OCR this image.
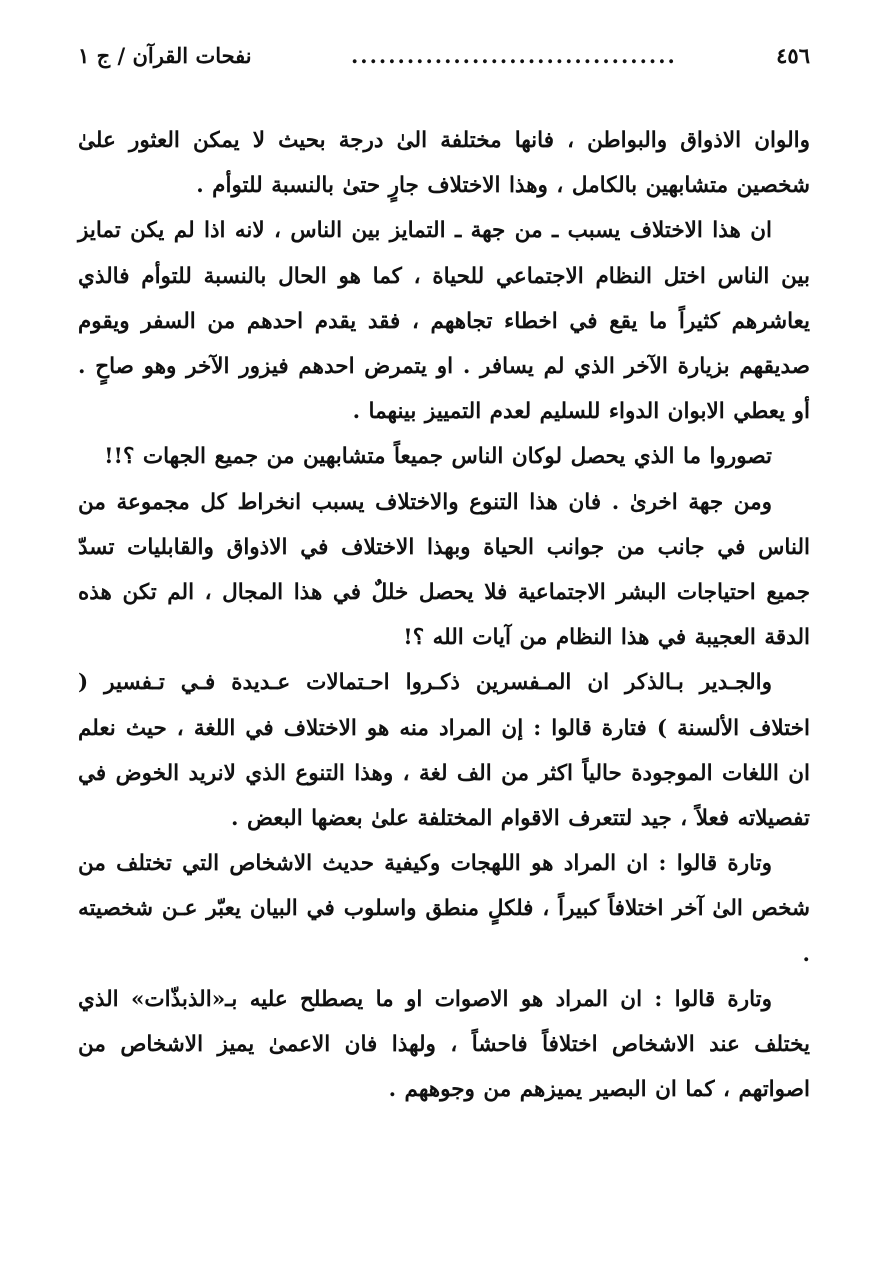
٤٥٦
...................................
نفحات القرآن / ج ١

والوان الاذواق والبواطن ، فانها مختلفة الىٰ درجة بحيث لا يمكن العثور علىٰ شخصين متشابهين بالكامل ، وهذا الاختلاف جارٍ حتىٰ بالنسبة للتوأم .

ان هذا الاختلاف يسبب ـ من جهة ـ التمايز بين الناس ، لانه اذا لم يكن تمايز بين الناس اختل النظام الاجتماعي للحياة ، كما هو الحال بالنسبة للتوأم فالذي يعاشرهم كثيراً ما يقع في اخطاء تجاههم ، فقد يقدم احدهم من السفر ويقوم صديقهم بزيارة الآخر الذي لم يسافر . او يتمرض احدهم فيزور الآخر وهو صاحٍ . أو يعطي الابوان الدواء للسليم لعدم التمييز بينهما .

تصوروا ما الذي يحصل لوكان الناس جميعاً متشابهين من جميع الجهات ؟!!

ومن جهة اخرىٰ . فان هذا التنوع والاختلاف يسبب انخراط كل مجموعة من الناس في جانب من جوانب الحياة وبهذا الاختلاف في الاذواق والقابليات تسدّ جميع احتياجات البشر الاجتماعية فلا يحصل خللٌ في هذا المجال ، الم تكن هذه الدقة العجيبة في هذا النظام من آيات الله ؟!

والجـدير بـالذكر ان المـفسرين ذكـروا احـتمالات عـديدة فـي تـفسير ( اختلاف الألسنة ) فتارة قالوا : إن المراد منه هو الاختلاف في اللغة ، حيث نعلم ان اللغات الموجودة حالياً اكثر من الف لغة ، وهذا التنوع الذي لانريد الخوض في تفصيلاته فعلاً ، جيد لتتعرف الاقوام المختلفة علىٰ بعضها البعض .

وتارة قالوا : ان المراد هو اللهجات وكيفية حديث الاشخاص التي تختلف من شخص الىٰ آخر اختلافاً كبيراً ، فلكلٍ منطق واسلوب في البيان يعبّر عـن شخصيته .

وتارة قالوا : ان المراد هو الاصوات او ما يصطلح عليه بـ«الذبذّات» الذي يختلف عند الاشخاص اختلافاً فاحشاً ، ولهذا فان الاعمىٰ يميز الاشخاص من اصواتهم ، كما ان البصير يميزهم من وجوههم .
